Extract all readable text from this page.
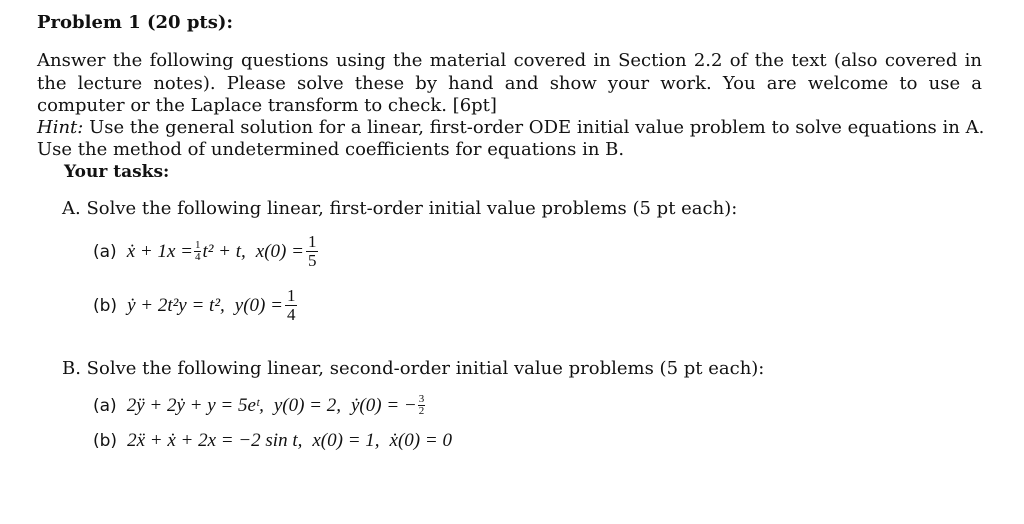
Problem 1 (20 pts):

Answer the following questions using the material covered in Section 2.2 of the text (also covered in the lecture notes). Please solve these by hand and show your work. You are welcome to use a computer or the Laplace transform to check. [6pt]

Hint: Use the general solution for a linear, first-order ODE initial value problem to solve equations in A.

Use the method of undetermined coefficients for equations in B.

Your tasks:
A. Solve the following linear, first-order initial value problems (5 pt each):
(a) ẋ + $1x = \frac{1}{4} t^2 + t$, $x(0) = \frac{1}{5}$
(b) ẏ + 2t²y = t², $y(0) = \frac{1}{4}$
B. Solve the following linear, second-order initial value problems (5 pt each):
(a) 2ÿ + 2ẏ + y = 5eᵗ, y(0) = 2, ẏ(0) = − $\frac{3}{2}$
(b) 2ẍ + ẋ + 2x = −2 sin t, x(0) = 1, ẋ(0) = 0
